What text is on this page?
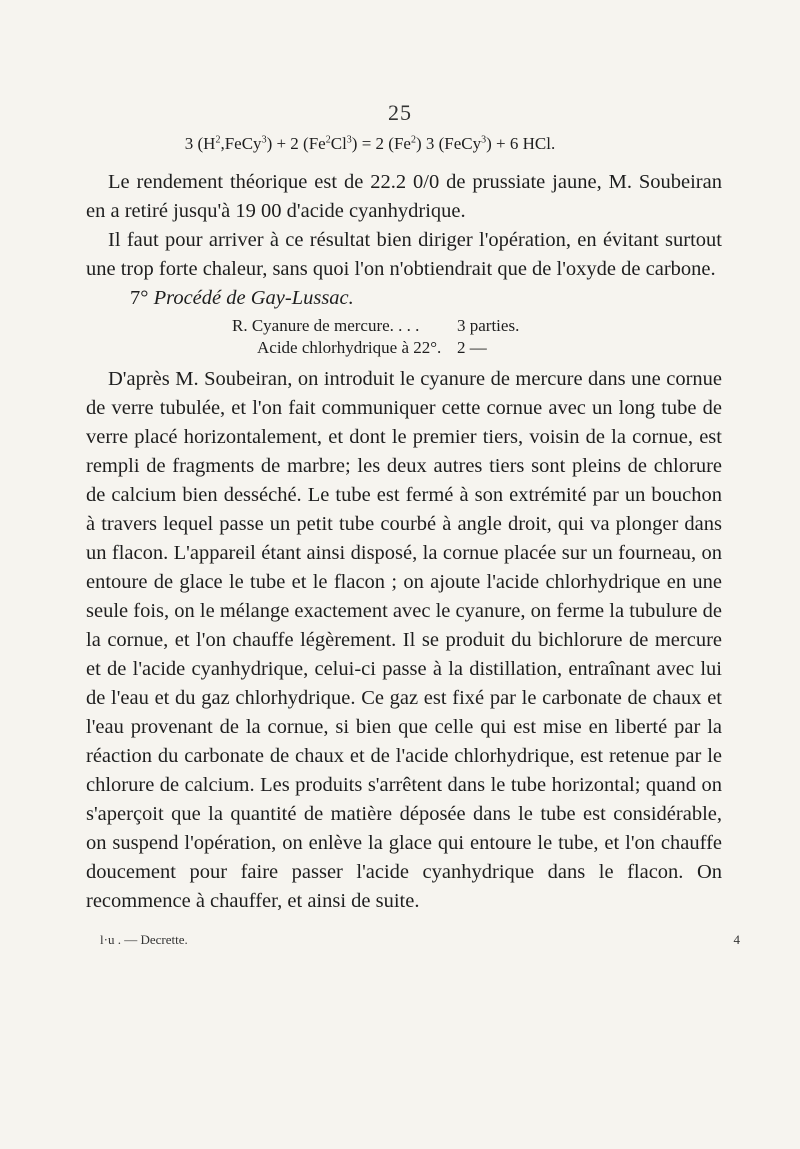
25
3 $(H^2,FeCy^3) + 2$ $(Fe^2Cl^3) = 2$ (Fe$^2$) 3 (FeCy$^3$) + 6 HCl.

Le rendement théorique est de 22.2 0/0 de prussiate jaune, M. Soubeiran en a retiré jusqu'à 19 00 d'acide cyanhydrique.

Il faut pour arriver à ce résultat bien diriger l'opération, en évitant surtout une trop forte chaleur, sans quoi l'on n'obtiendrait que de l'oxyde de carbone.

7° Procédé de Gay-Lussac.

R. Cyanure de mercure. . . .	3 parties.
Acide chlorhydrique à 22°. 2 —

D'après M. Soubeiran, on introduit le cyanure de mercure dans une cornue de verre tubulée, et l'on fait communiquer cette cornue avec un long tube de verre placé horizontalement, et dont le premier tiers, voisin de la cornue, est rempli de fragments de marbre; les deux autres tiers sont pleins de chlorure de calcium bien desséché. Le tube est fermé à son extrémité par un bouchon à travers lequel passe un petit tube courbé à angle droit, qui va plonger dans un flacon. L'appareil étant ainsi disposé, la cornue placée sur un fourneau, on entoure de glace le tube et le flacon ; on ajoute l'acide chlorhydrique en une seule fois, on le mélange exactement avec le cyanure, on ferme la tubulure de la cornue, et l'on chauffe légèrement. Il se produit du bichlorure de mercure et de l'acide cyanhydrique, celui-ci passe à la distillation, entraînant avec lui de l'eau et du gaz chlorhydrique. Ce gaz est fixé par le carbonate de chaux et l'eau provenant de la cornue, si bien que celle qui est mise en liberté par la réaction du carbonate de chaux et de l'acide chlorhydrique, est retenue par le chlorure de calcium. Les produits s'arrêtent dans le tube horizontal; quand on s'aperçoit que la quantité de matière déposée dans le tube est considérable, on suspend l'opération, on enlève la glace qui entoure le tube, et l'on chauffe doucement pour faire passer l'acide cyanhydrique dans le flacon. On recommence à chauffer, et ainsi de suite.

l·u . — Decrette.	4
